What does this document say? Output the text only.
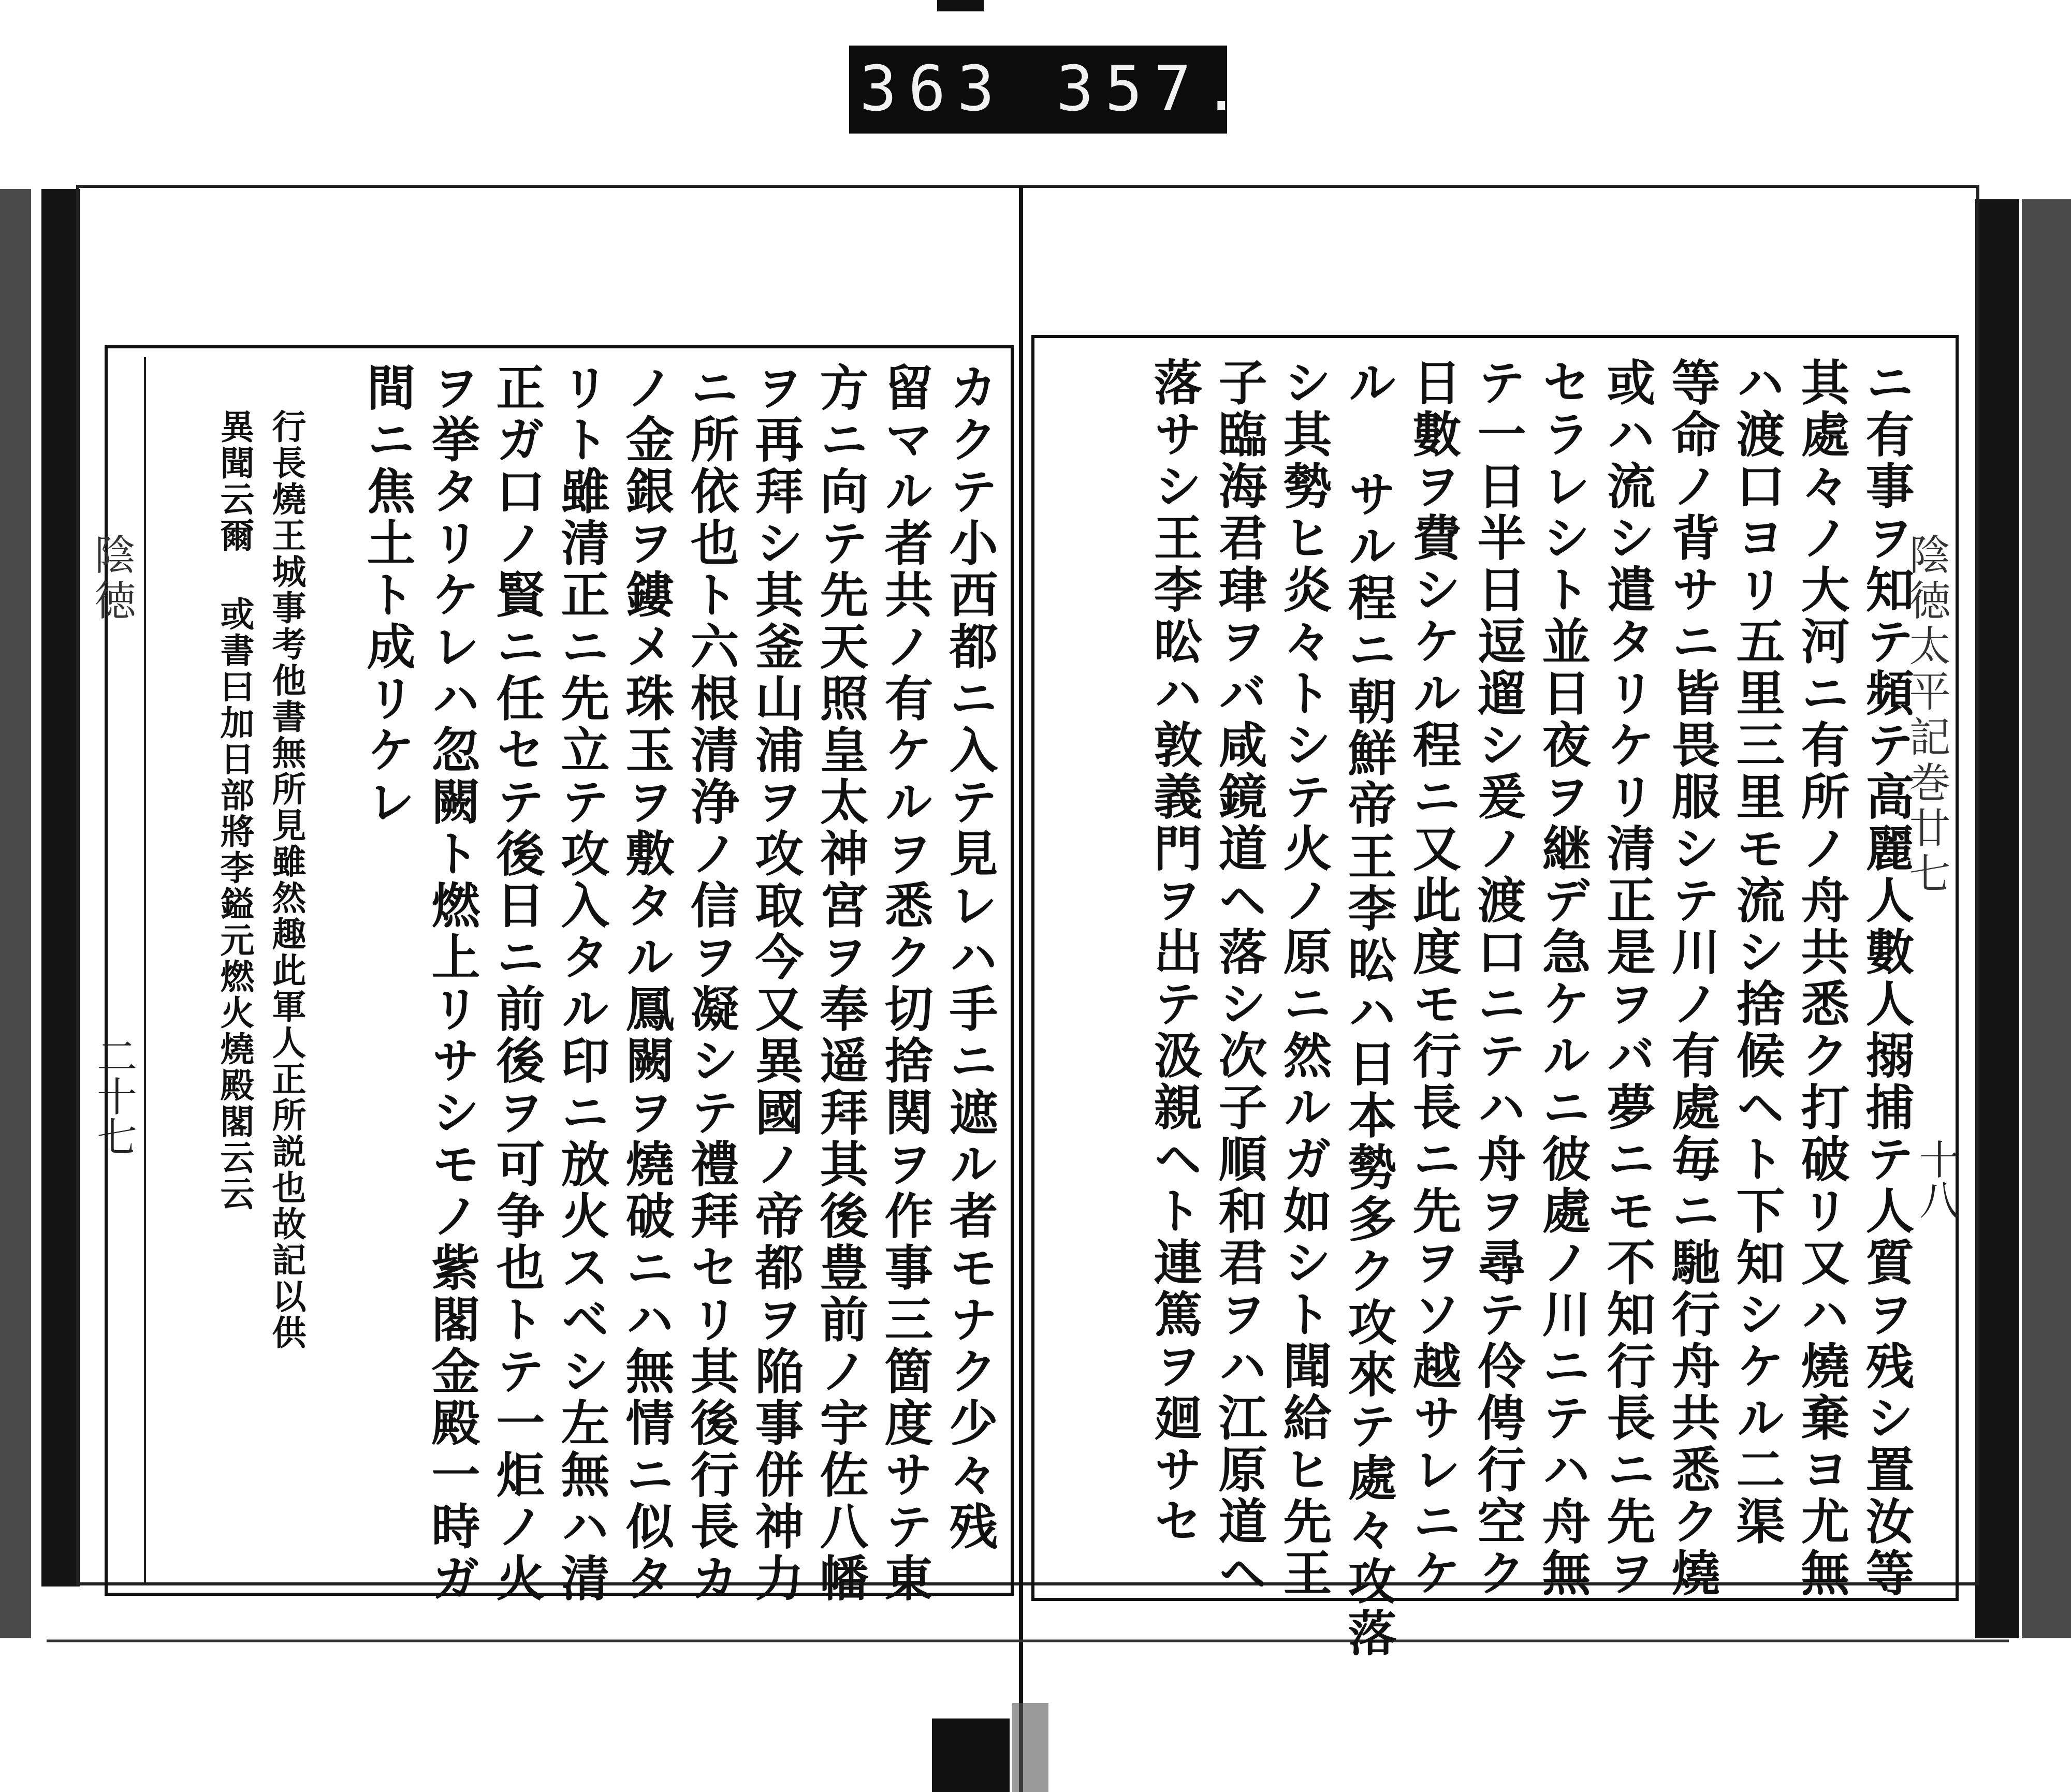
363 357.
陰徳太平記巻廿七
十八
ニ有事ヲ知テ頻テ高麗人數人搦捕テ人質ヲ残シ置汝等
其處々ノ大河ニ有所ノ舟共悉ク打破リ又ハ燒棄ヨ尤無
ハ渡口ヨリ五里三里モ流シ捨候ヘト下知シケル二渠
等命ノ背サニ皆畏服シテ川ノ有處毎ニ馳行舟共悉ク燒
或ハ流シ遣タリケリ清正是ヲバ夢ニモ不知行長ニ先ヲ
セラレシト並日夜ヲ継デ急ケルニ彼處ノ川ニテハ舟無
テ一日半日逗遛シ爰ノ渡口ニテハ舟ヲ尋テ伶俜行空ク
日數ヲ費シケル程ニ又此度モ行長ニ先ヲソ越サレニケ
ル サル程ニ朝鮮帝王李昖ハ日本勢多ク攻來テ處々攻落
シ其勢ヒ炎々トシテ火ノ原ニ然ルガ如シト聞給ヒ先王
子臨海君珒ヲバ咸鏡道ヘ落シ次子順和君ヲハ江原道ヘ
落サシ王李昖ハ敦義門ヲ出テ汲親ヘト連篤ヲ廻サセ
カクテ小西都ニ入テ見レハ手ニ遮ル者モナク少々残
留マル者共ノ有ケルヲ悉ク切捨関ヲ作事三箇度サテ東
方ニ向テ先天照皇太神宮ヲ奉遥拜其後豊前ノ宇佐八幡
ヲ再拜シ其釜山浦ヲ攻取今又異國ノ帝都ヲ陥事併神力
ニ所依也ト六根清浄ノ信ヲ凝シテ禮拜セリ其後行長カ
ノ金銀ヲ鏤メ珠玉ヲ敷タル鳳闕ヲ燒破ニハ無情ニ似タ
リト雖清正ニ先立テ攻入タル印ニ放火スベシ左無ハ清
正ガ口ノ賢ニ任セテ後日ニ前後ヲ可争也トテ一炬ノ火
ヲ挙タリケレハ忽闕ト燃上リサシモノ紫閣金殿一時ガ
間ニ焦土ト成リケレ
行長燒王城事考他書無所見雖然趣此軍人正所説也故記以供
異聞云爾 或書曰加日部將李鎰元燃火燒殿閣云云
陰徳
二十七
